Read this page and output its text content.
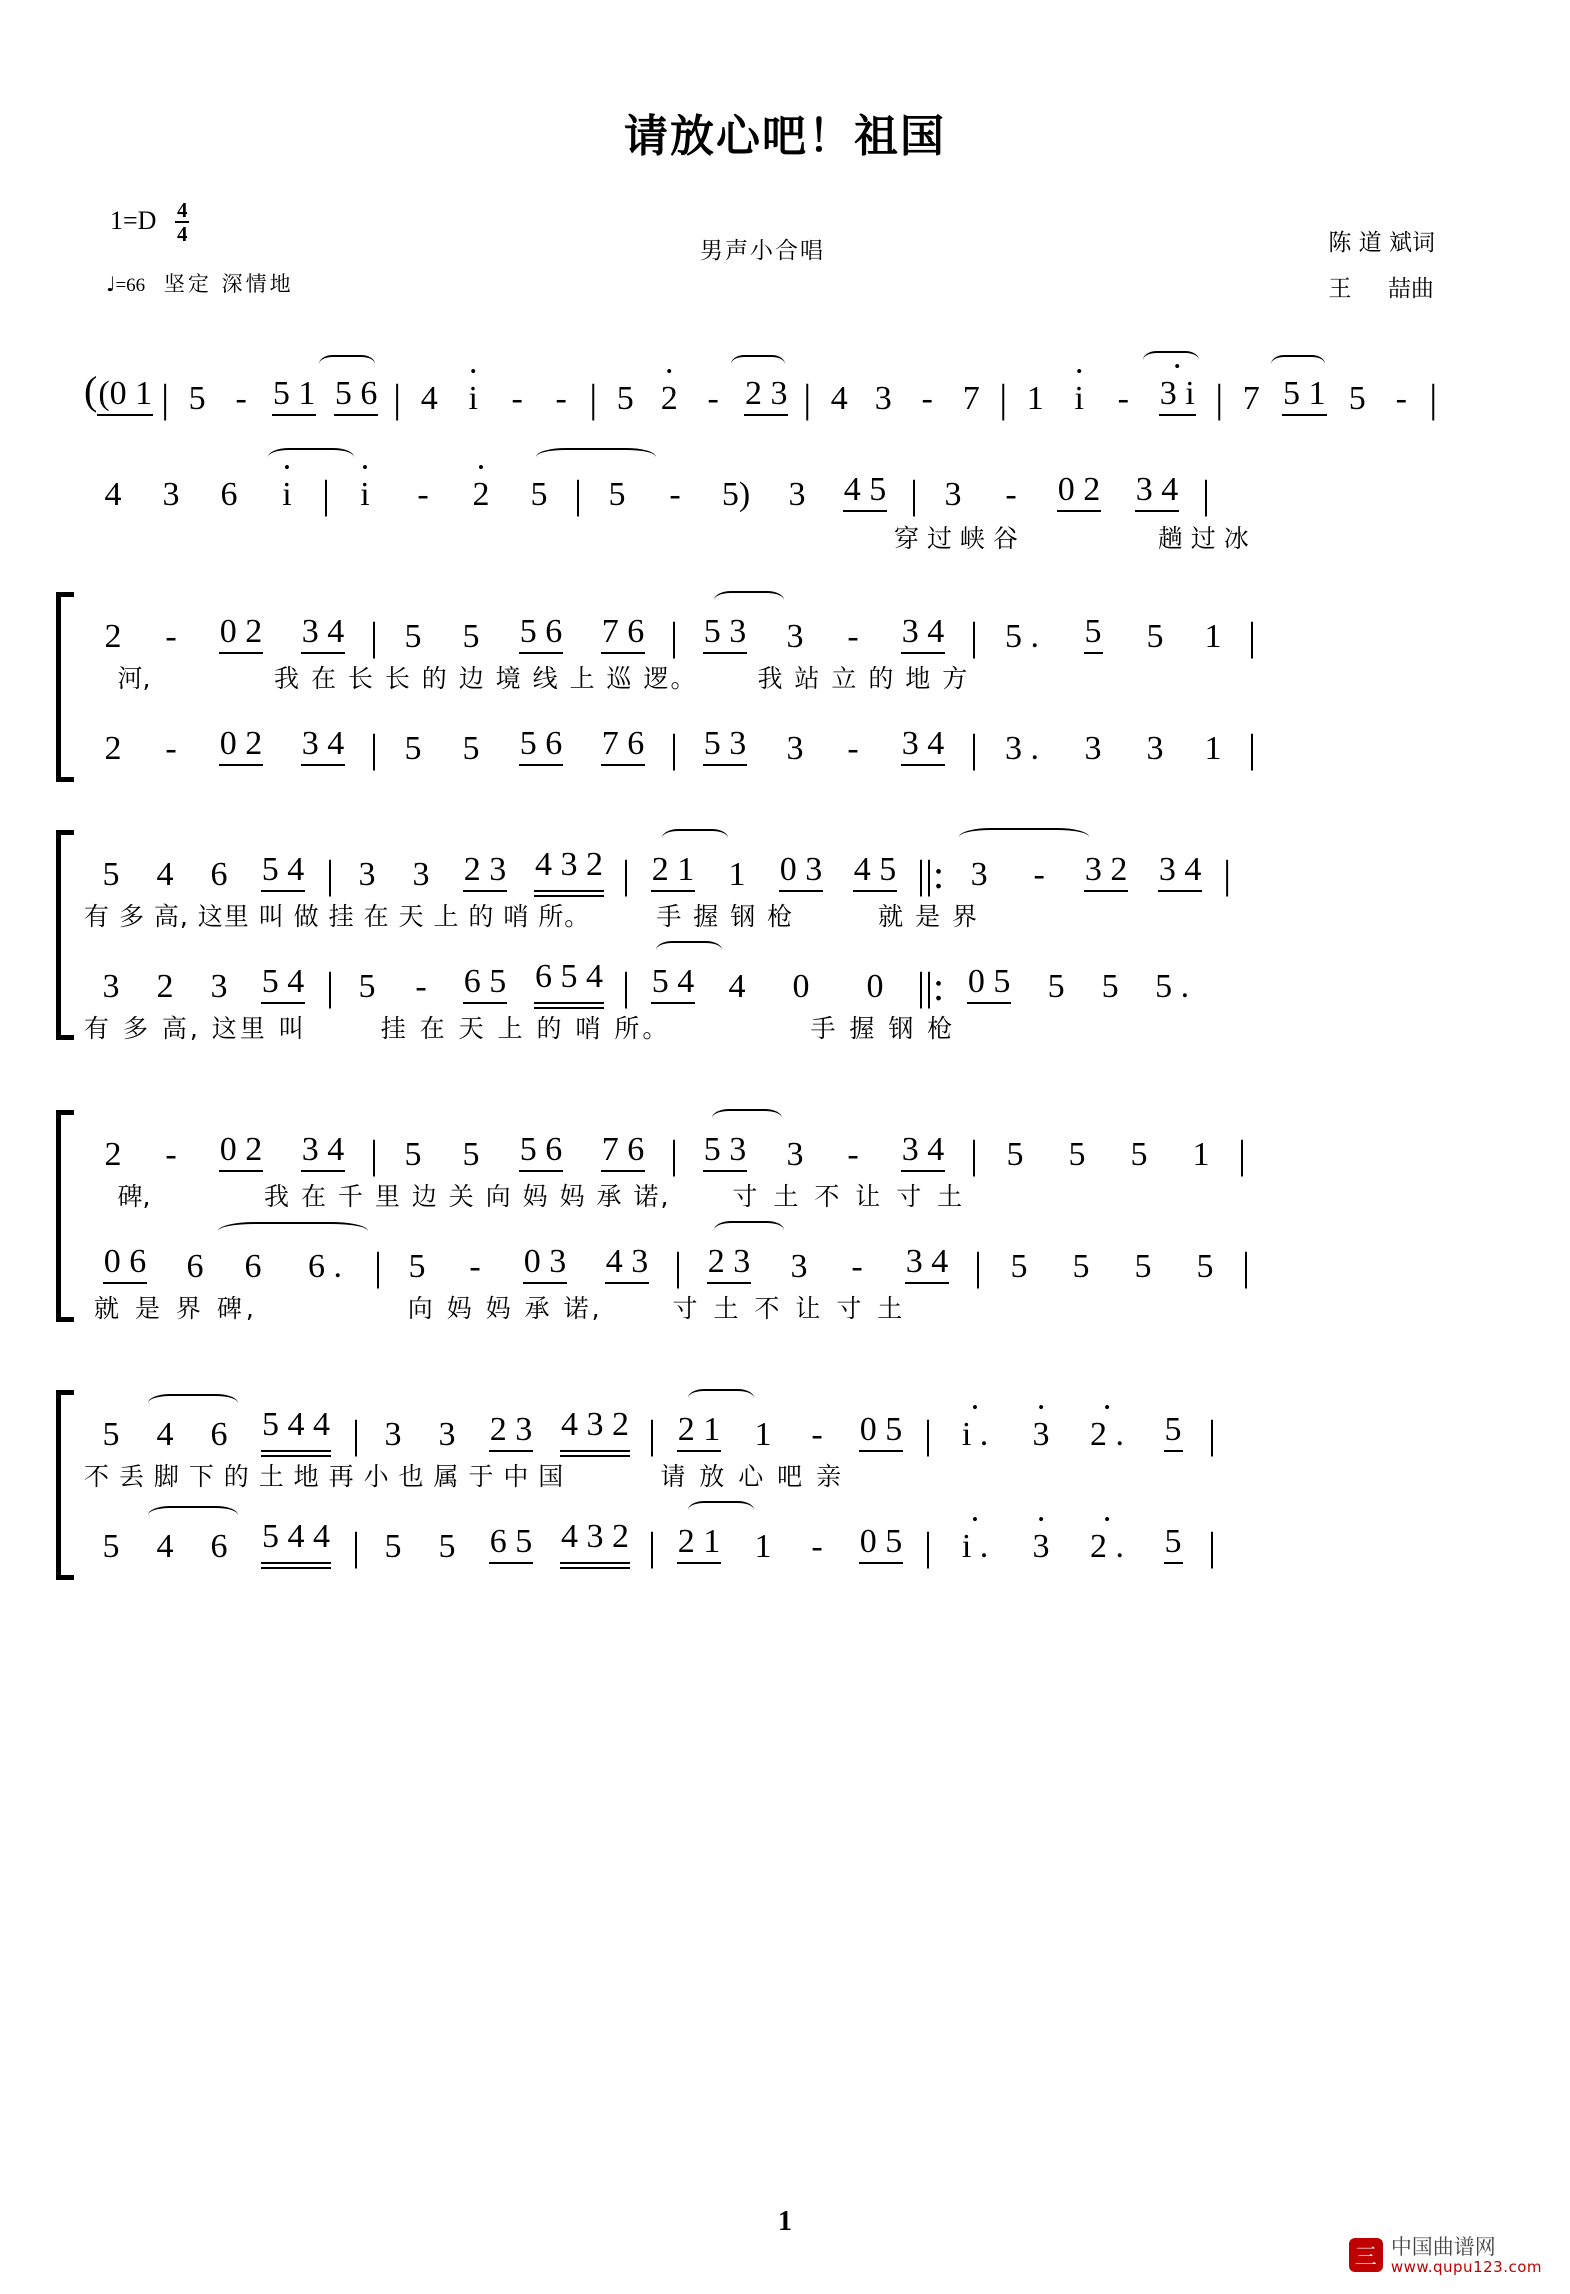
请放心吧！祖国
$1=D \frac{4}{4}$
♩=66 坚定 深情地
男声小合唱	陈 道 斌词
王     喆曲
((0 1 | 5 - 5 1 5 6 | 4 • i - - | 5 • 2 - 2 3 | 4 3 - 7 | 1 • i - • 3 i | 7 5 1 5 - |
4	3	6	• i | • i	-	• 2	5 | 5	-	5)	3	4 5 | 3	-	0 2	3 4 |
穿 过 峡 谷	趟 过 冰
2	-	0 2	3 4 | 5	5	5 6	7 6 | 5 3	3	-	3 4 | 5 .	5	5	1 |
河,	我 在 长 长 的 边 境 线 上 巡 逻。 我 站 立 的 地 方
2	-	0 2	3 4 | 5	5	5 6	7 6 | 5 3	3	-	3 4 | 3 .	3	3	1 |
5	4	6	5 4 | 3	3	2 3 4 3 2 | 2 1	1	0 3 4 5 ||: 3	-	3 2 3 4 |
有 多 高, 这里 叫 做 挂 在 天 上 的 哨 所。	手 握 钢 枪	就 是 界
3	2	3	5 4 | 5	-	6 5 6 5 4 | 5 4	4	0	0 ||: 0 5	5	5	5 .
有 多 高, 这里 叫	挂 在 天 上 的 哨 所。	手 握 钢 枪
2	-	0 2	3 4 | 5	5	5 6	7 6 | 5 3	3	-	3 4 | 5	5	5	1 |
碑,	我 在 千 里 边 关 向 妈 妈 承 诺, 寸 土 不 让 寸 土
0 6	6	6	6 . | 5	-	0 3	4 3 | 2 3	3	-	3 4 | 5	5	5	5 |
就 是 界 碑,	向 妈 妈 承 诺,	寸 土 不 让 寸 土
5	4	6	5 4 4 | 3	3	2 3 4 3 2 | 2 1	1	-	0 5 | • i .	• 3	• 2 .	5 |
不 丢 脚 下 的 土 地 再 小 也 属 于 中 国	请 放 心 吧 亲
5	4	6	5 4 4 | 5	5	6 5 4 3 2 | 2 1	1	-	0 5 | • i .	• 3	• 2 .	5 |
1
三 中国曲谱网
www.qupu123.com
